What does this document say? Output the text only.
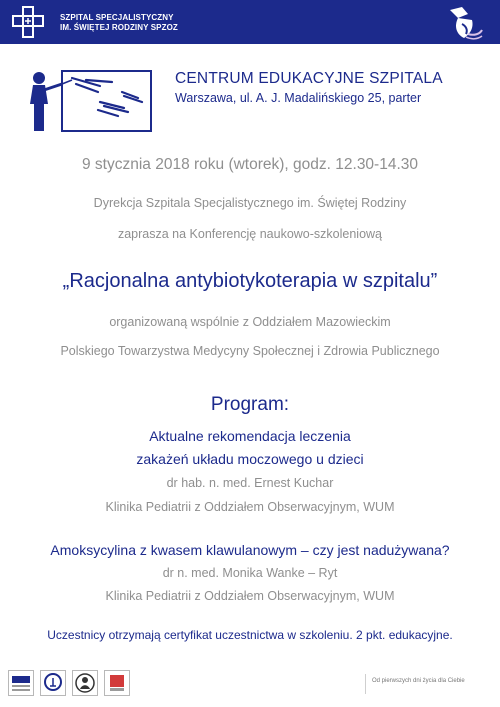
SZPITAL SPECJALISTYCZNY
IM. ŚWIĘTEJ RODZINY SPZOZ
CENTRUM EDUKACYJNE SZPITALA
Warszawa, ul. A. J. Madalińskiego 25, parter
9 stycznia 2018 roku (wtorek), godz. 12.30-14.30
Dyrekcja Szpitala Specjalistycznego im. Świętej Rodziny
zaprasza na Konferencję naukowo-szkoleniową
„Racjonalna antybiotykoterapia w szpitalu”
organizowaną wspólnie z Oddziałem Mazowieckim
Polskiego Towarzystwa Medycyny Społecznej i Zdrowia Publicznego
Program:
Aktualne rekomendacja leczenia
zakażeń układu moczowego u dzieci
dr hab. n. med. Ernest Kuchar
Klinika Pediatrii z Oddziałem Obserwacyjnym, WUM
Amoksycylina z kwasem klawulanowym – czy jest nadużywana?
dr n. med. Monika Wanke – Ryt
Klinika Pediatrii z Oddziałem Obserwacyjnym, WUM
Uczestnicy otrzymają certyfikat uczestnictwa w szkoleniu. 2 pkt. edukacyjne.
Od pierwszych dni życia dla Ciebie
